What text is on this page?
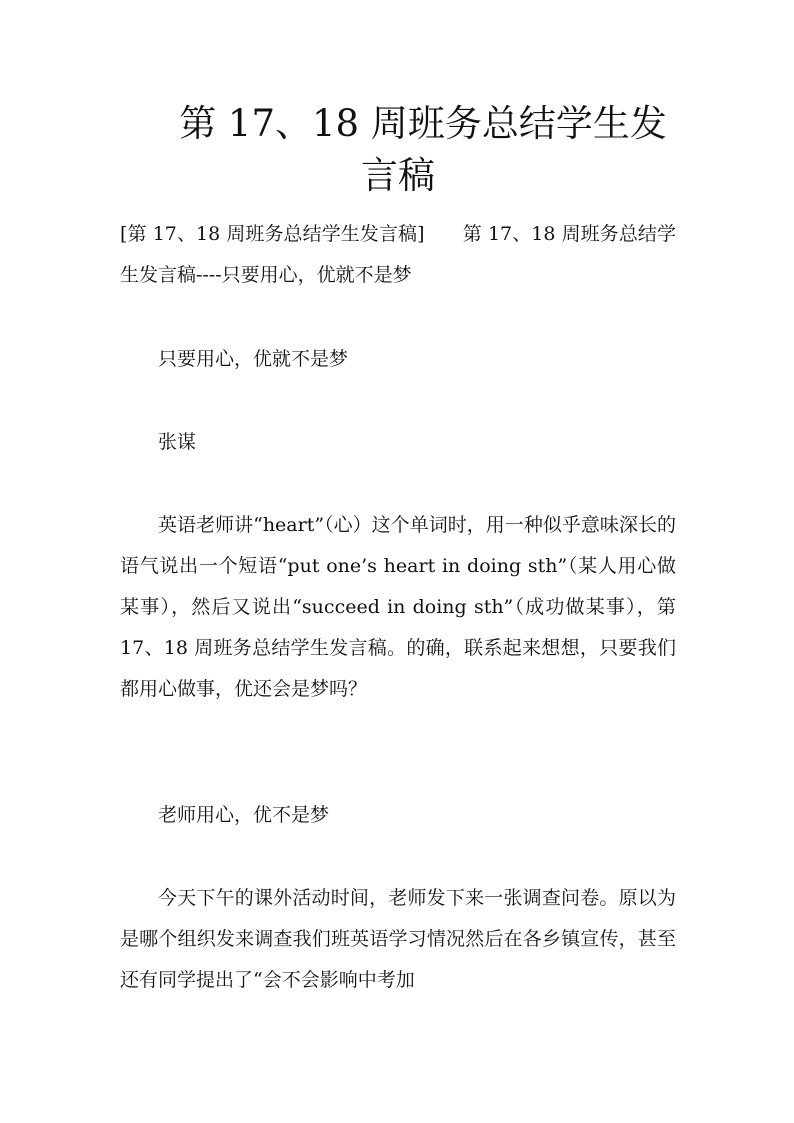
第 17、18 周班务总结学生发
言稿

[第 17、18 周班务总结学生发言稿]　　第 17、18 周班务总结学生发言稿----只要用心，优就不是梦

只要用心，优就不是梦

张谋

英语老师讲“heart”（心）这个单词时，用一种似乎意味深长的语气说出一个短语“put one’s heart in doing sth”（某人用心做某事），然后又说出“succeed in doing sth”（成功做某事），第 17、18 周班务总结学生发言稿。的确，联系起来想想，只要我们都用心做事，优还会是梦吗？

老师用心，优不是梦

今天下午的课外活动时间，老师发下来一张调查问卷。原以为是哪个组织发来调查我们班英语学习情况然后在各乡镇宣传，甚至还有同学提出了“会不会影响中考加
